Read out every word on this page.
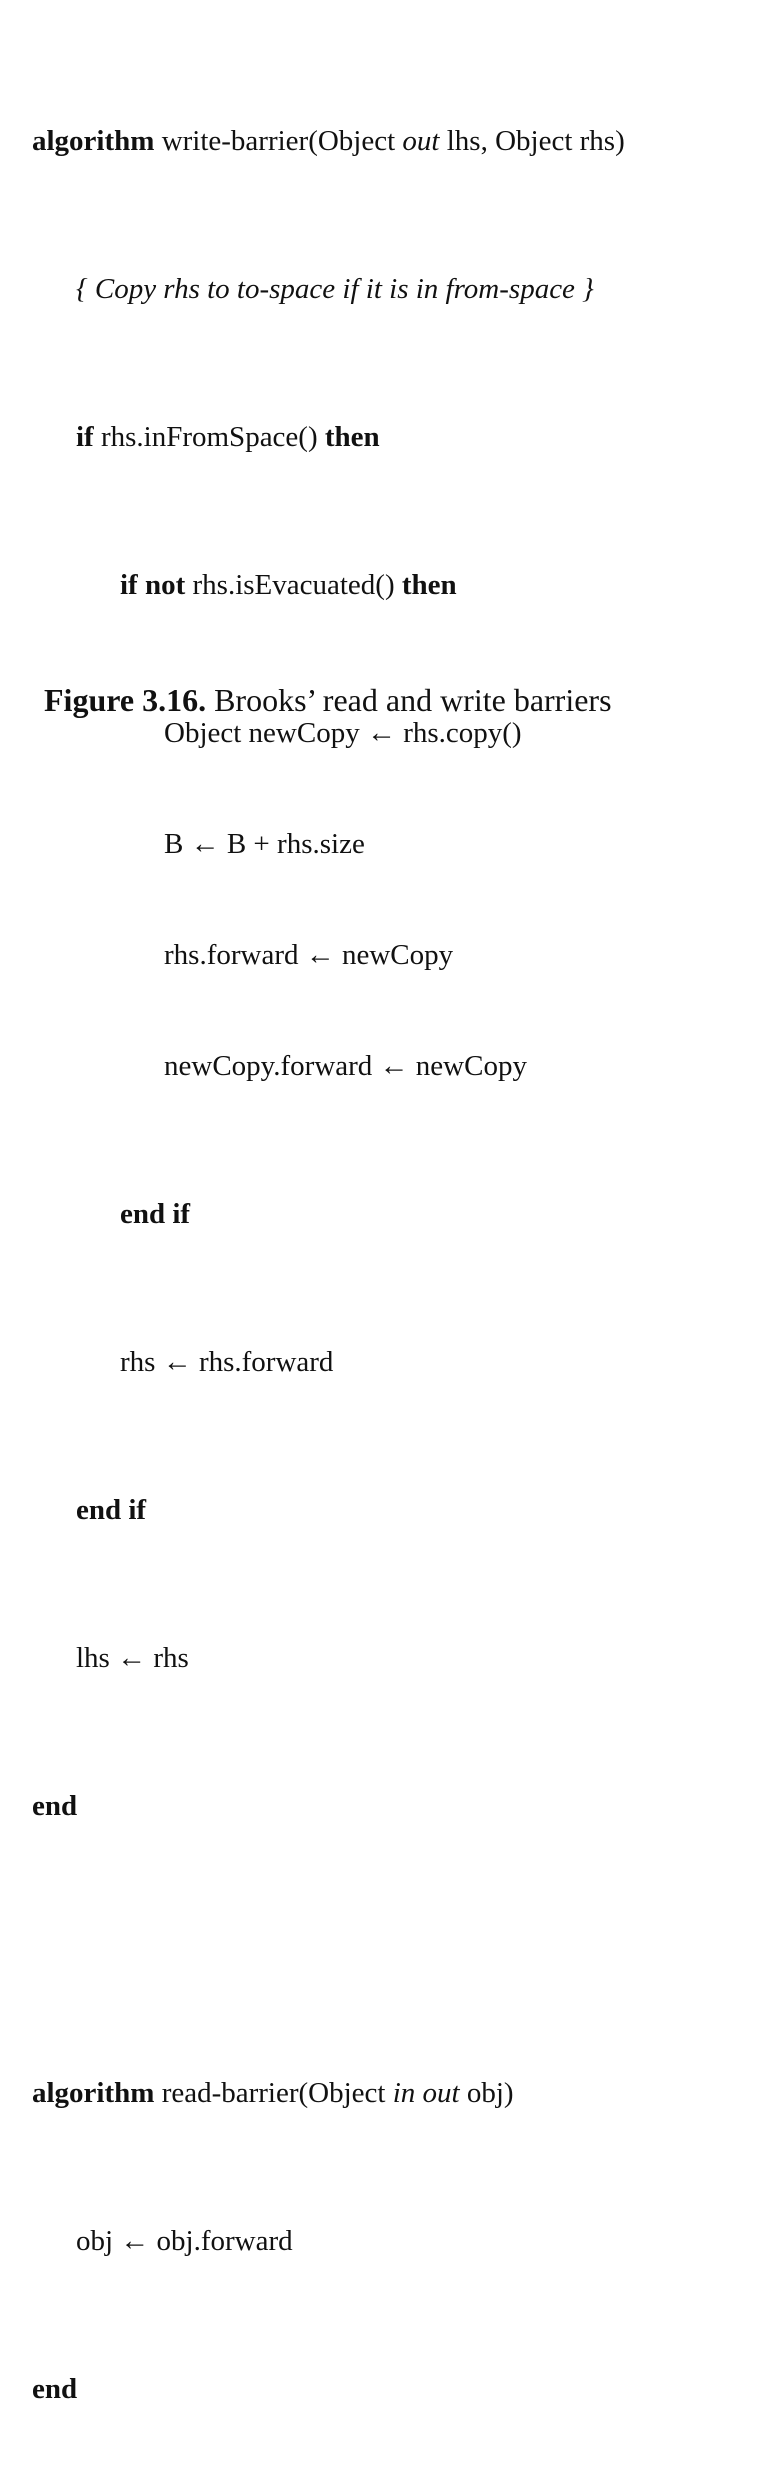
algorithm write-barrier(Object out lhs, Object rhs)

{ Copy rhs to to-space if it is in from-space }

if rhs.inFromSpace() then

if not rhs.isEvacuated() then

Object newCopy ← rhs.copy()

B ← B + rhs.size

rhs.forward ← newCopy

newCopy.forward ← newCopy

end if

rhs ← rhs.forward

end if

lhs ← rhs

end

algorithm read-barrier(Object in out obj)

obj ← obj.forward

end

Figure 3.16. Brooks’ read and write barriers
